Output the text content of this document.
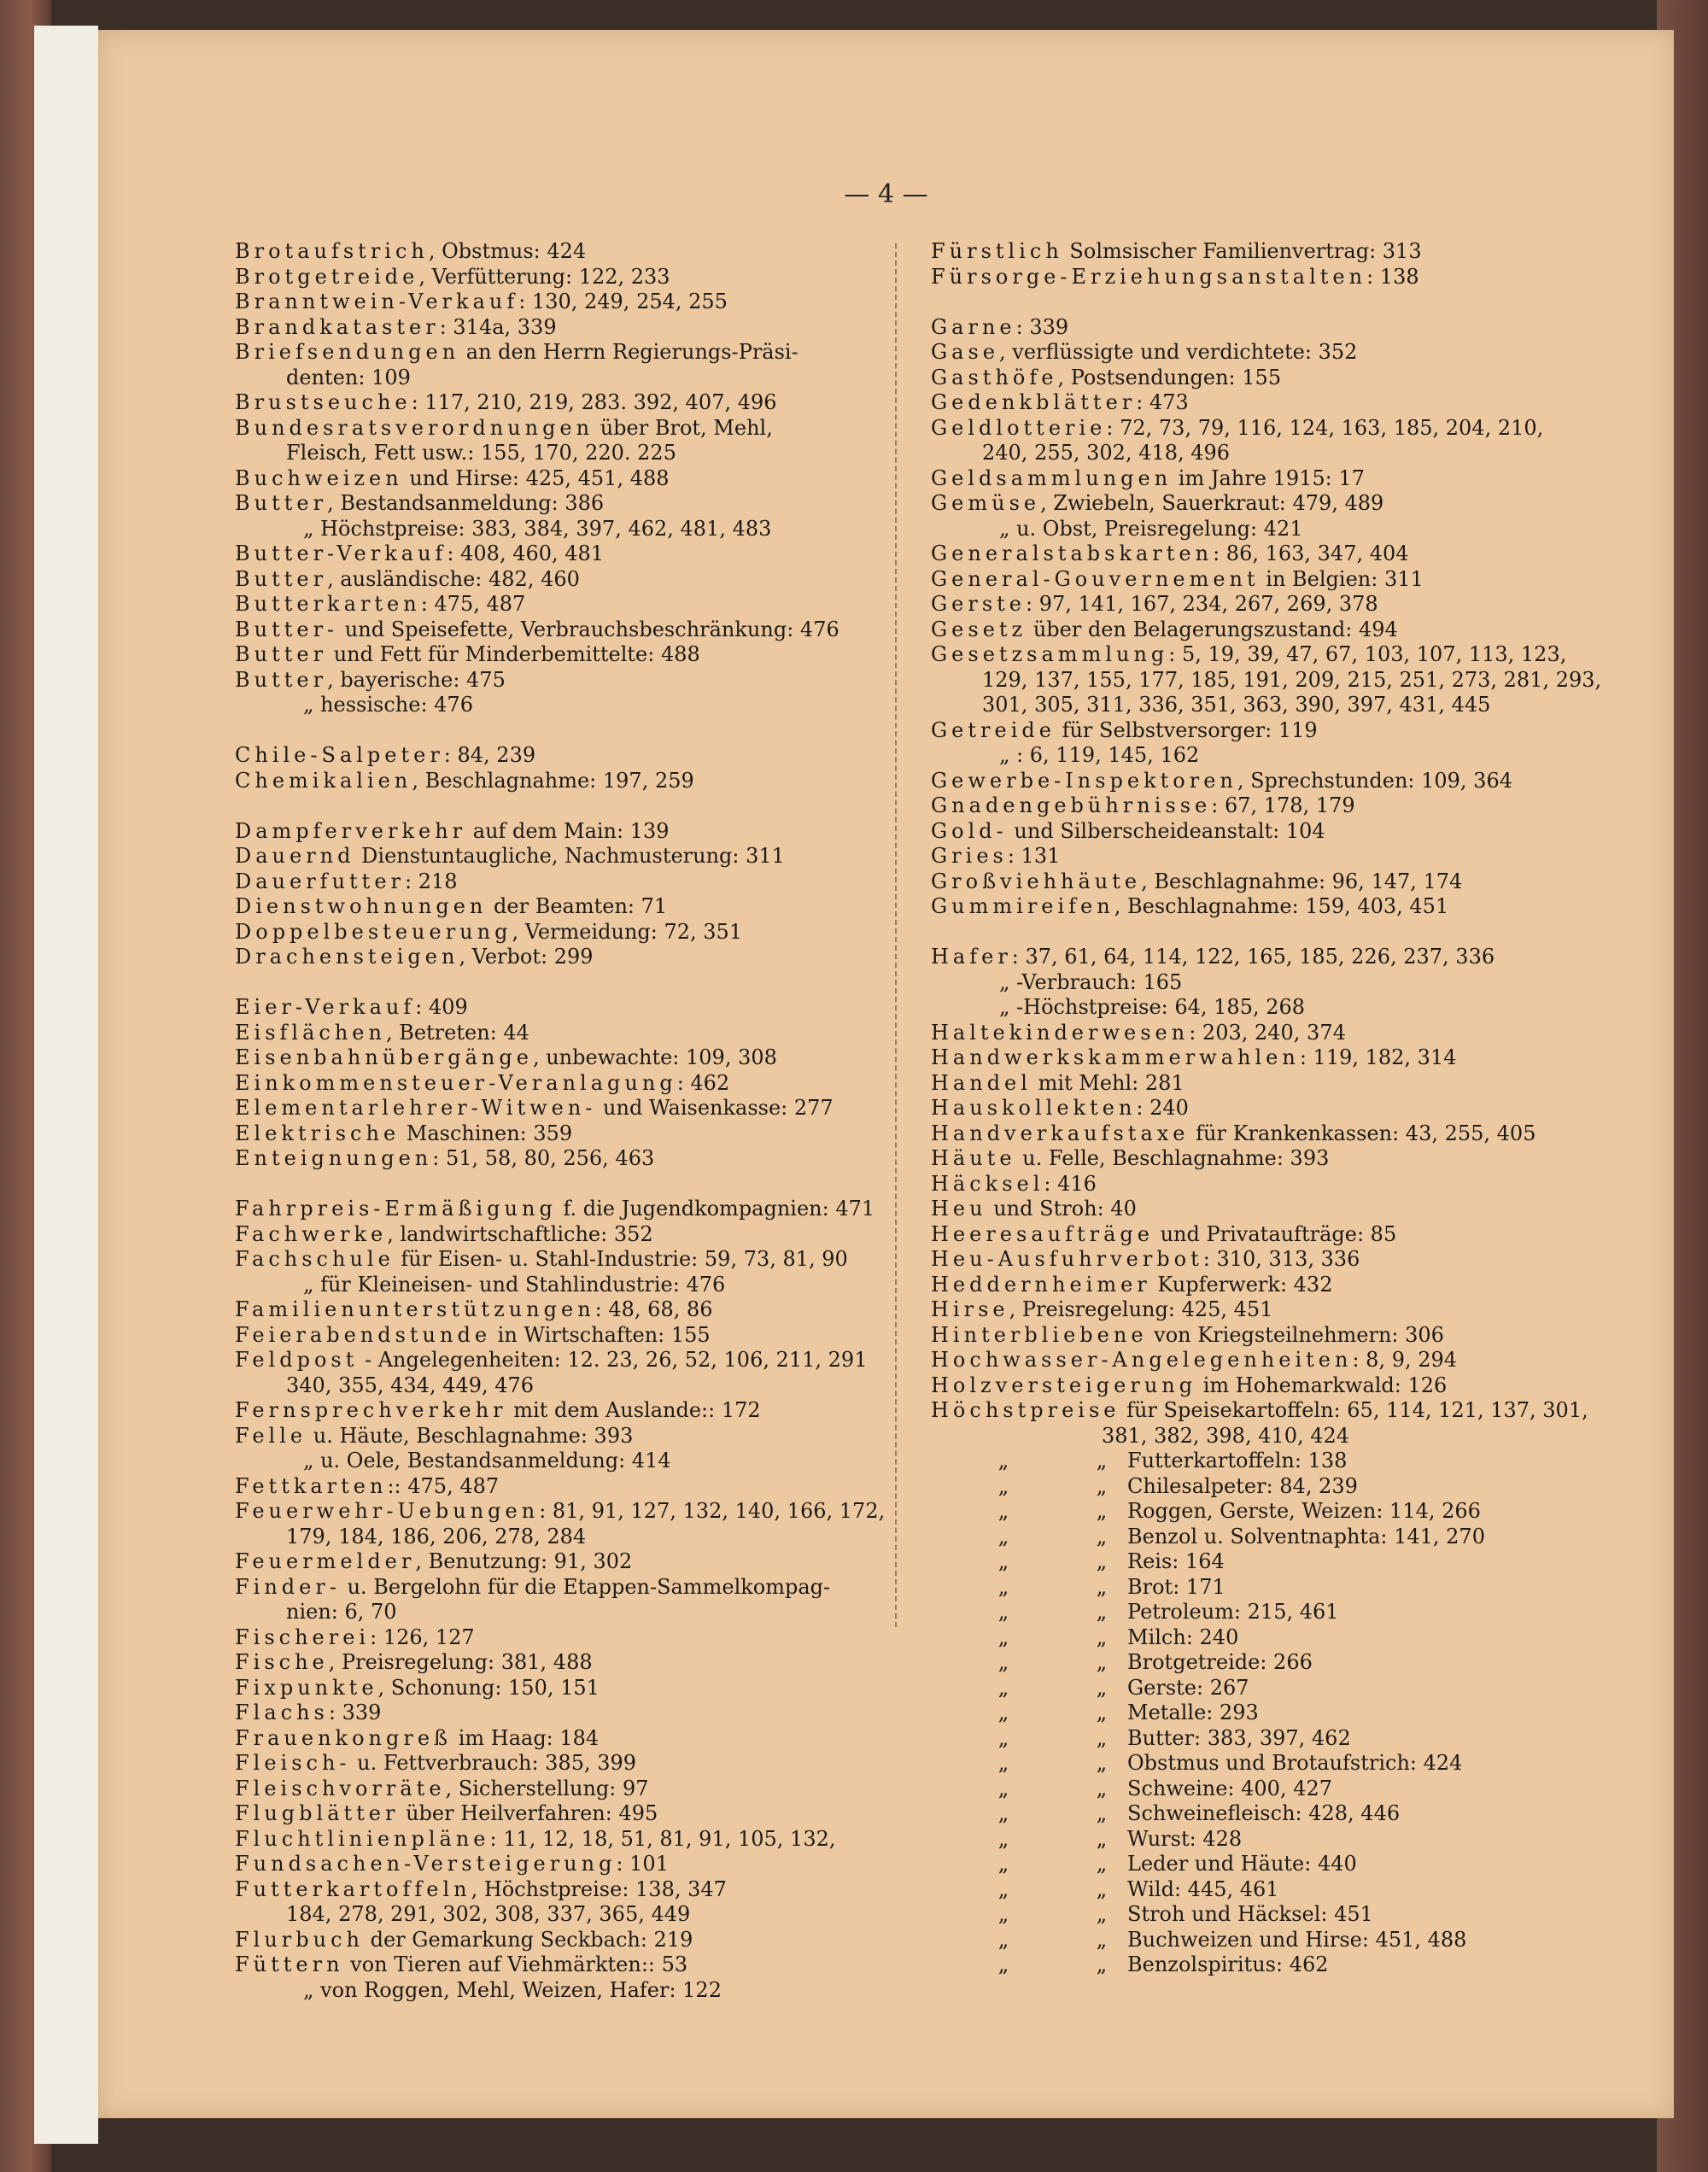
— 4 —
Brotaufstrich, Obstmus: 424
Brotgetreide, Verfütterung: 122, 233
Branntwein-Verkauf: 130, 249, 254, 255
Brandkataster: 314a, 339
Briefsendungen an den Herrn Regierungs-Präsi-
denten: 109
Brustseuche: 117, 210, 219, 283. 392, 407, 496
Bundesratsverordnungen über Brot, Mehl,
Fleisch, Fett usw.: 155, 170, 220. 225
Buchweizen und Hirse: 425, 451, 488
Butter, Bestandsanmeldung: 386
„ Höchstpreise: 383, 384, 397, 462, 481, 483
Butter-Verkauf: 408, 460, 481
Butter, ausländische: 482, 460
Butterkarten: 475, 487
Butter- und Speisefette, Verbrauchsbeschränkung: 476
Butter und Fett für Minderbemittelte: 488
Butter, bayerische: 475
„ hessische: 476
Chile-Salpeter: 84, 239
Chemikalien, Beschlagnahme: 197, 259
Dampferverkehr auf dem Main: 139
Dauernd Dienstuntaugliche, Nachmusterung: 311
Dauerfutter: 218
Dienstwohnungen der Beamten: 71
Doppelbesteuerung, Vermeidung: 72, 351
Drachensteigen, Verbot: 299
Eier-Verkauf: 409
Eisflächen, Betreten: 44
Eisenbahnübergänge, unbewachte: 109, 308
Einkommensteuer-Veranlagung: 462
Elementarlehrer-Witwen- und Waisenkasse: 277
Elektrische Maschinen: 359
Enteignungen: 51, 58, 80, 256, 463
Fahrpreis-Ermäßigung f. die Jugendkompagnien: 471
Fachwerke, landwirtschaftliche: 352
Fachschule für Eisen- u. Stahl-Industrie: 59, 73, 81, 90
„ für Kleineisen- und Stahlindustrie: 476
Familienunterstützungen: 48, 68, 86
Feierabendstunde in Wirtschaften: 155
Feldpost - Angelegenheiten: 12. 23, 26, 52, 106, 211, 291
340, 355, 434, 449, 476
Fernsprechverkehr mit dem Auslande:: 172
Felle u. Häute, Beschlagnahme: 393
„ u. Oele, Bestandsanmeldung: 414
Fettkarten:: 475, 487
Feuerwehr-Uebungen: 81, 91, 127, 132, 140, 166, 172,
179, 184, 186, 206, 278, 284
Feuermelder, Benutzung: 91, 302
Finder- u. Bergelohn für die Etappen-Sammelkompag-
nien: 6, 70
Fischerei: 126, 127
Fische, Preisregelung: 381, 488
Fixpunkte, Schonung: 150, 151
Flachs: 339
Frauenkongreß im Haag: 184
Fleisch- u. Fettverbrauch: 385, 399
Fleischvorräte, Sicherstellung: 97
Flugblätter über Heilverfahren: 495
Fluchtlinienpläne: 11, 12, 18, 51, 81, 91, 105, 132,
Fundsachen-Versteigerung: 101
Futterkartoffeln, Höchstpreise: 138, 347
184, 278, 291, 302, 308, 337, 365, 449
Flurbuch der Gemarkung Seckbach: 219
Füttern von Tieren auf Viehmärkten:: 53
„ von Roggen, Mehl, Weizen, Hafer: 122
Fürstlich Solmsischer Familienvertrag: 313
Fürsorge-Erziehungsanstalten: 138
Garne: 339
Gase, verflüssigte und verdichtete: 352
Gasthöfe, Postsendungen: 155
Gedenkblätter: 473
Geldlotterie: 72, 73, 79, 116, 124, 163, 185, 204, 210,
240, 255, 302, 418, 496
Geldsammlungen im Jahre 1915: 17
Gemüse, Zwiebeln, Sauerkraut: 479, 489
„ u. Obst, Preisregelung: 421
Generalstabskarten: 86, 163, 347, 404
General-Gouvernement in Belgien: 311
Gerste: 97, 141, 167, 234, 267, 269, 378
Gesetz über den Belagerungszustand: 494
Gesetzsammlung: 5, 19, 39, 47, 67, 103, 107, 113, 123,
129, 137, 155, 177, 185, 191, 209, 215, 251, 273, 281, 293,
301, 305, 311, 336, 351, 363, 390, 397, 431, 445
Getreide für Selbstversorger: 119
„ : 6, 119, 145, 162
Gewerbe-Inspektoren, Sprechstunden: 109, 364
Gnadengebührnisse: 67, 178, 179
Gold- und Silberscheideanstalt: 104
Gries: 131
Großviehhäute, Beschlagnahme: 96, 147, 174
Gummireifen, Beschlagnahme: 159, 403, 451
Hafer: 37, 61, 64, 114, 122, 165, 185, 226, 237, 336
„ -Verbrauch: 165
„ -Höchstpreise: 64, 185, 268
Haltekinderwesen: 203, 240, 374
Handwerkskammerwahlen: 119, 182, 314
Handel mit Mehl: 281
Hauskollekten: 240
Handverkaufstaxe für Krankenkassen: 43, 255, 405
Häute u. Felle, Beschlagnahme: 393
Häcksel: 416
Heu und Stroh: 40
Heeresaufträge und Privataufträge: 85
Heu-Ausfuhrverbot: 310, 313, 336
Heddernheimer Kupferwerk: 432
Hirse, Preisregelung: 425, 451
Hinterbliebene von Kriegsteilnehmern: 306
Hochwasser-Angelegenheiten: 8, 9, 294
Holzversteigerung im Hohemarkwald: 126
Höchstpreise für Speisekartoffeln: 65, 114, 121, 137, 301,
381, 382, 398, 410, 424
„	„ Futterkartoffeln: 138
„	„ Chilesalpeter: 84, 239
„	„ Roggen, Gerste, Weizen: 114, 266
„	„ Benzol u. Solventnaphta: 141, 270
„	„ Reis: 164
„	„ Brot: 171
„	„ Petroleum: 215, 461
„	„ Milch: 240
„	„ Brotgetreide: 266
„	„ Gerste: 267
„	„ Metalle: 293
„	„ Butter: 383, 397, 462
„	„ Obstmus und Brotaufstrich: 424
„	„ Schweine: 400, 427
„	„ Schweinefleisch: 428, 446
„	„ Wurst: 428
„	„ Leder und Häute: 440
„	„ Wild: 445, 461
„	„ Stroh und Häcksel: 451
„	„ Buchweizen und Hirse: 451, 488
„	„ Benzolspiritus: 462
